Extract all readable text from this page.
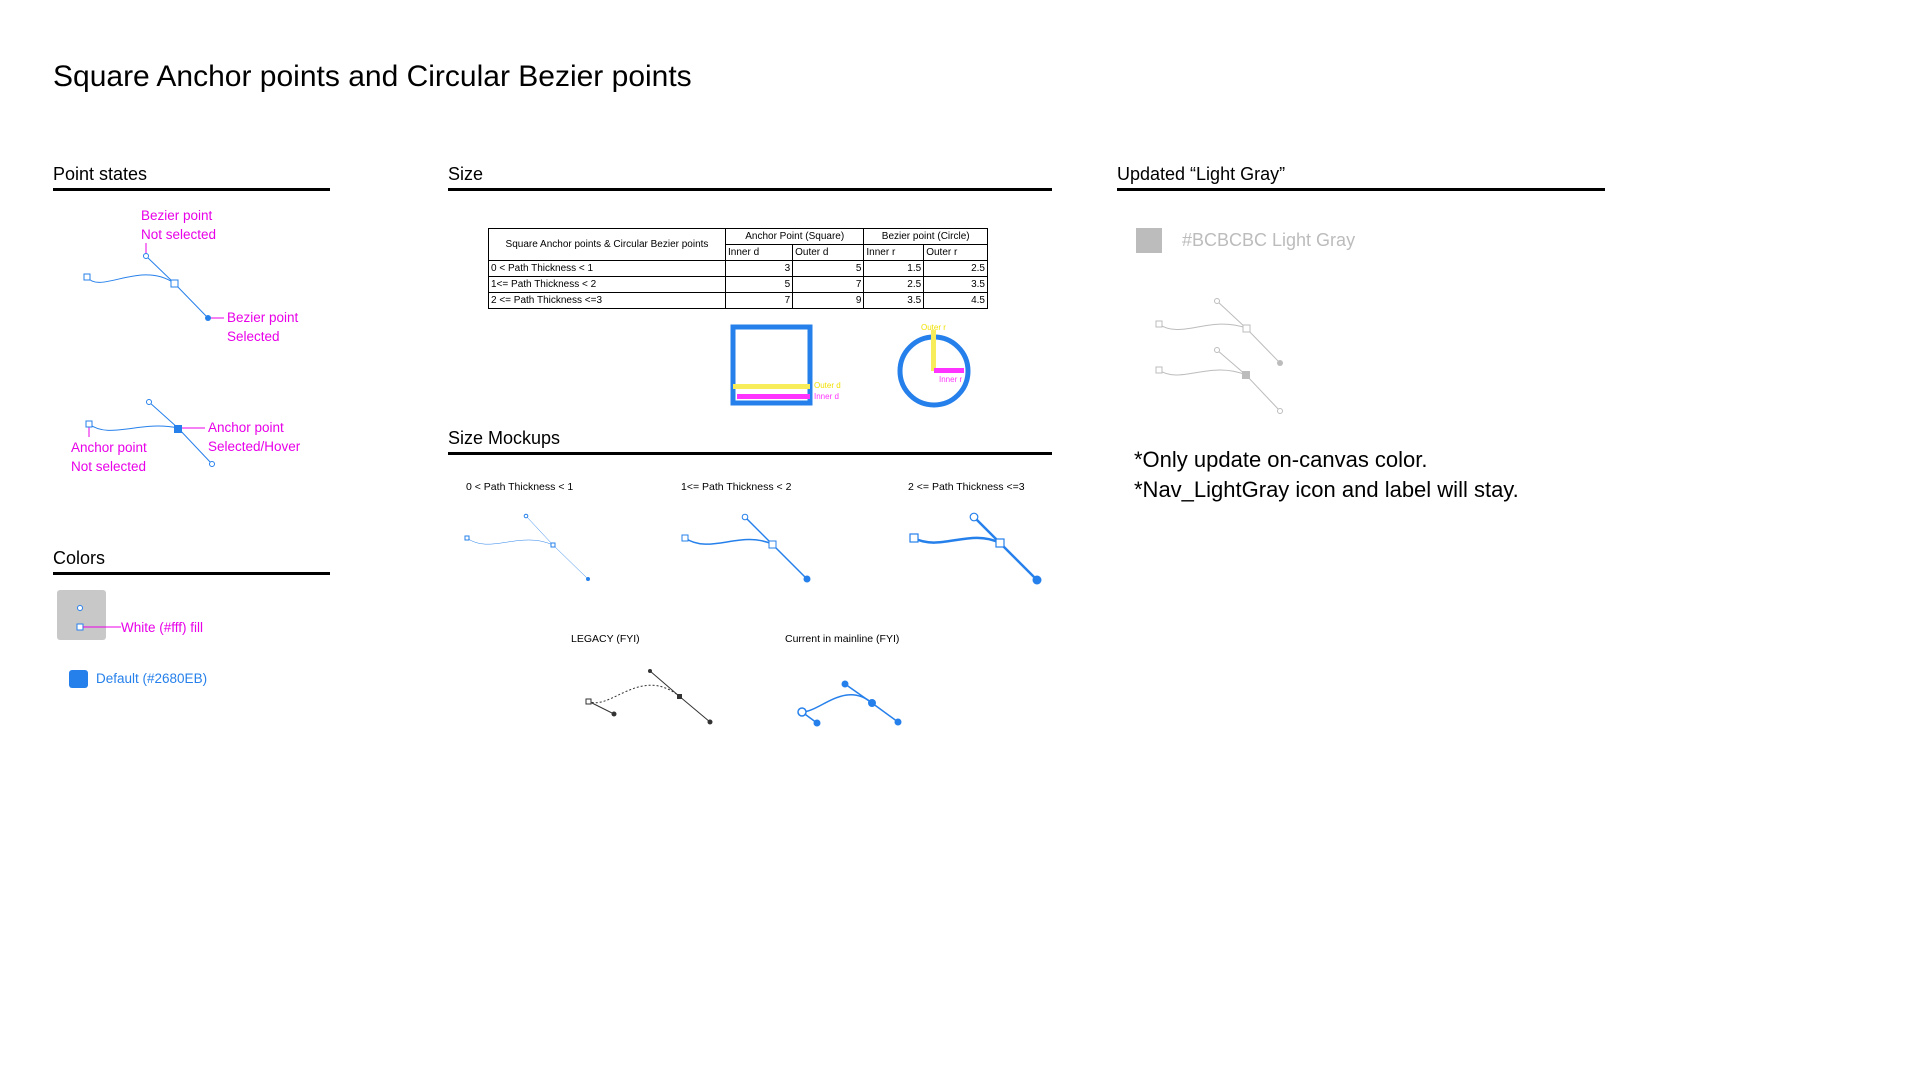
Square Anchor points and Circular Bezier points
Point states
Bezier point
Not selected
Bezier point
Selected
Anchor point
Selected/Hover
Anchor point
Not selected
Colors
White (#fff) fill
Default (#2680EB)
Size
Square Anchor points & Circular Bezier points	Anchor Point (Square)		Bezier point (Circle)	
	Inner d	Outer d	Inner r	Outer r
0 < Path Thickness < 1	3	5	1.5	2.5
1<= Path Thickness < 2	5	7	2.5	3.5
2 <= Path Thickness <=3	7	9	3.5	4.5
Outer d
Inner d
Outer r
Inner r
Size Mockups
0 < Path Thickness < 1	1<= Path Thickness < 2	2 <= Path Thickness <=3
LEGACY (FYI)	Current in mainline (FYI)
Updated “Light Gray”
#BCBCBC Light Gray
*Only update on-canvas color.
*Nav_LightGray icon and label will stay.
